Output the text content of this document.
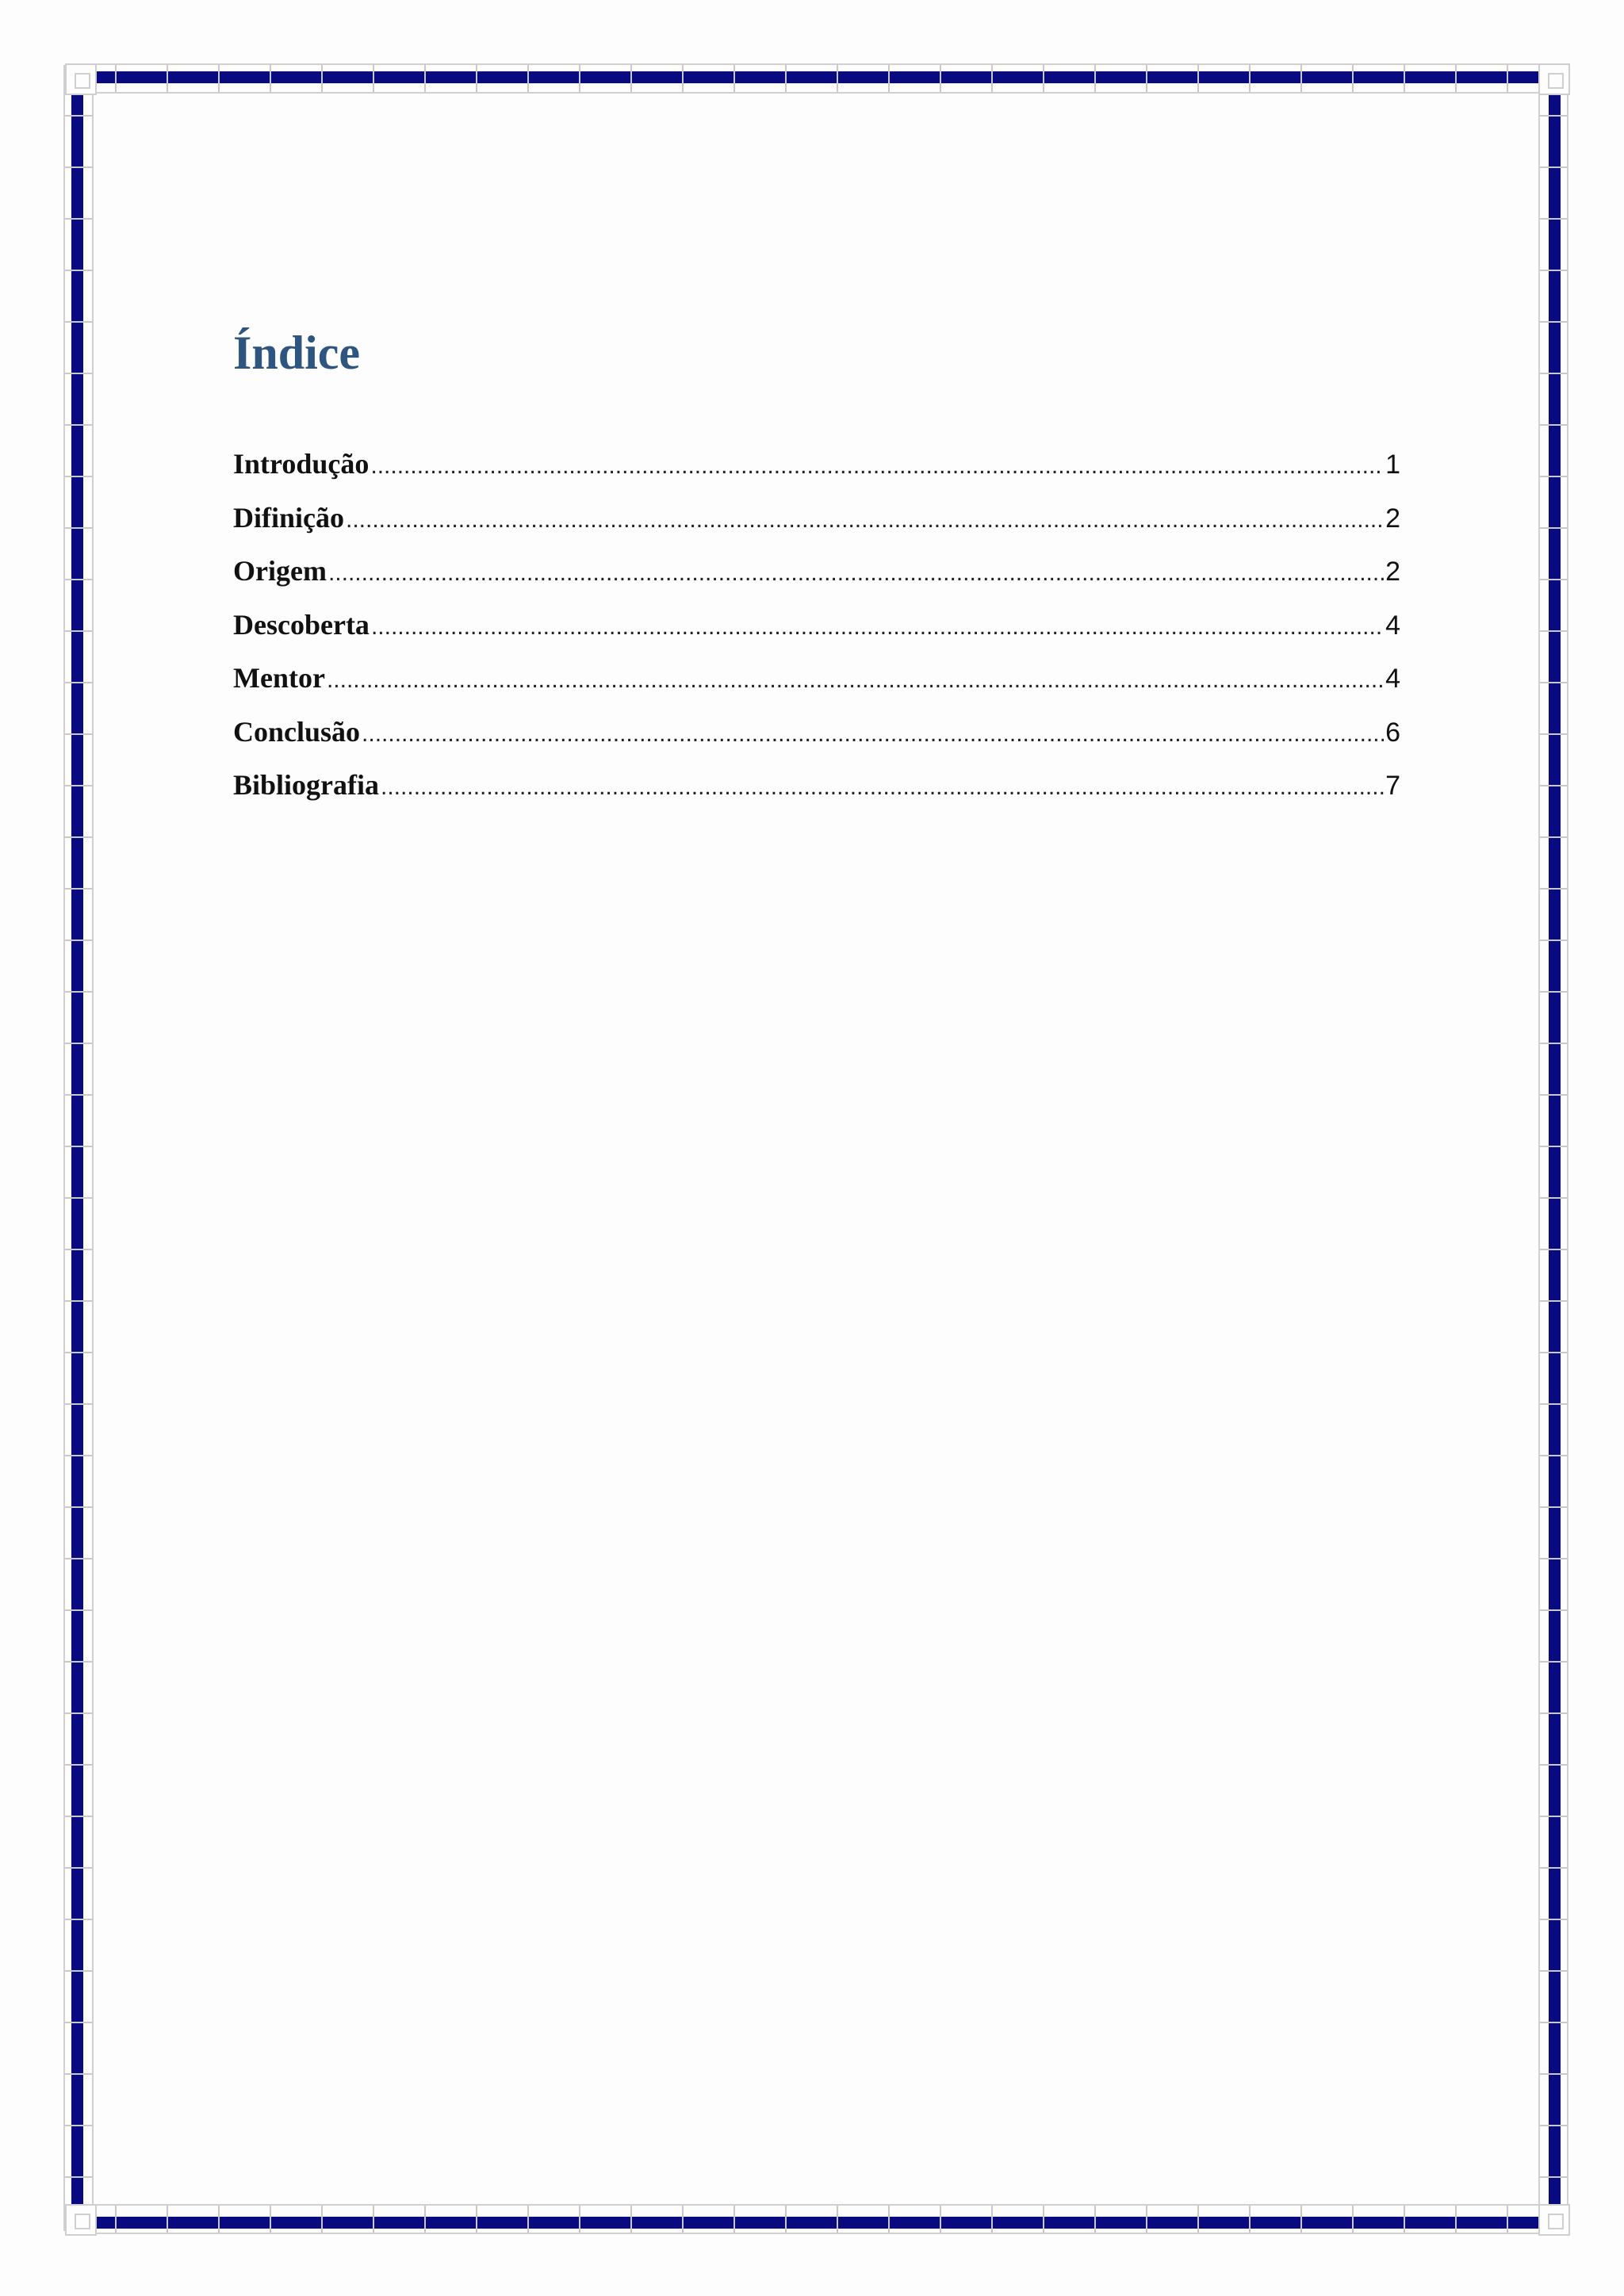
Índice
Introdução .....	1
Difinição .....	2
Origem .....	2
Descoberta .....	4
Mentor .....	4
Conclusão .....	6
Bibliografia .....	7
